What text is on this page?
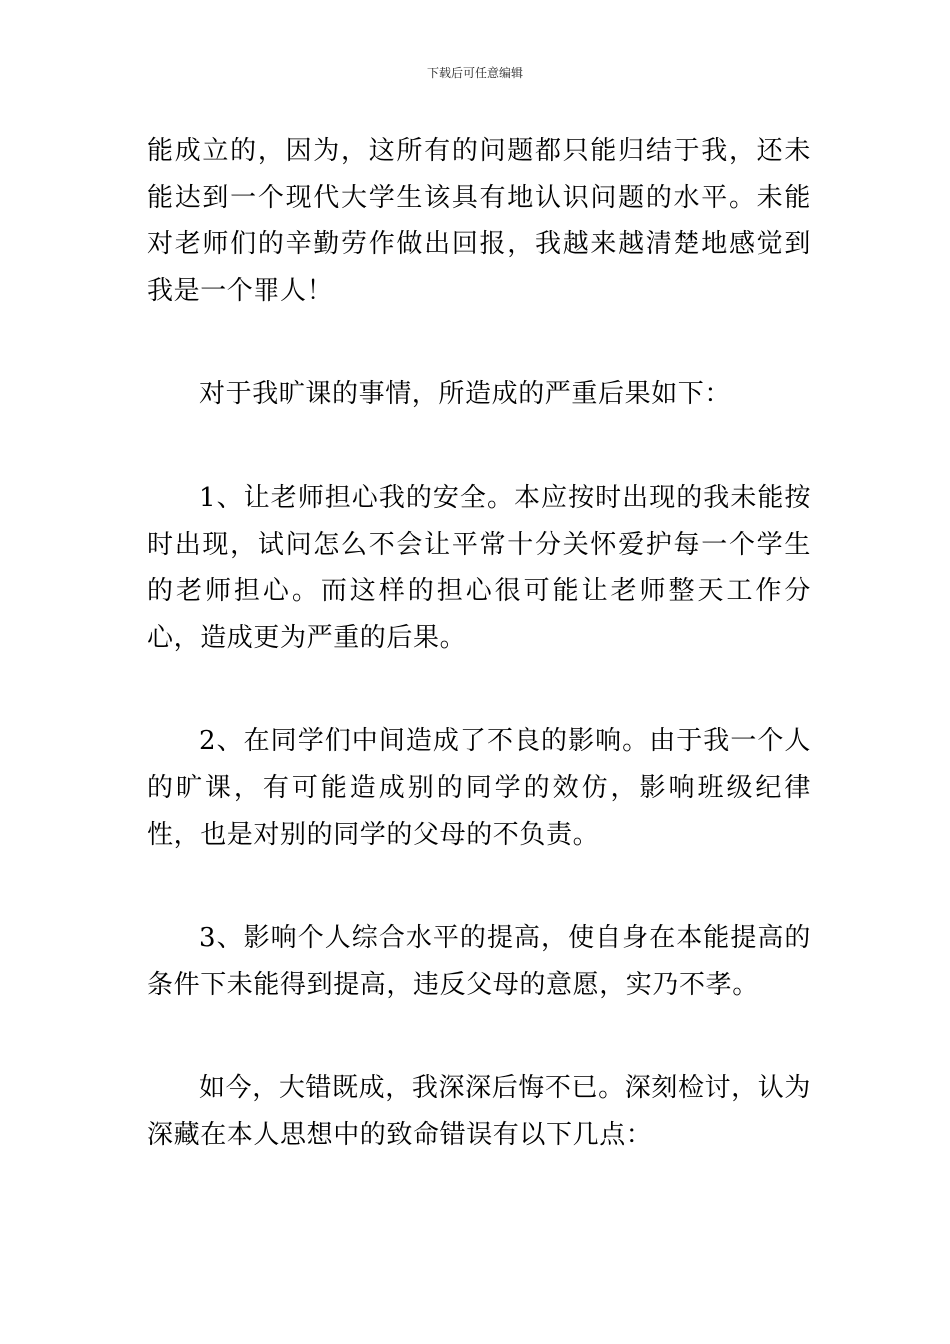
下载后可任意编辑

能成立的，因为，这所有的问题都只能归结于我，还未能达到一个现代大学生该具有地认识问题的水平。未能对老师们的辛勤劳作做出回报，我越来越清楚地感觉到我是一个罪人！

对于我旷课的事情，所造成的严重后果如下：

1、让老师担心我的安全。本应按时出现的我未能按时出现，试问怎么不会让平常十分关怀爱护每一个学生的老师担心。而这样的担心很可能让老师整天工作分心，造成更为严重的后果。

2、在同学们中间造成了不良的影响。由于我一个人的旷课，有可能造成别的同学的效仿，影响班级纪律性，也是对别的同学的父母的不负责。

3、影响个人综合水平的提高，使自身在本能提高的条件下未能得到提高，违反父母的意愿，实乃不孝。

如今，大错既成，我深深后悔不已。深刻检讨，认为深藏在本人思想中的致命错误有以下几点：
